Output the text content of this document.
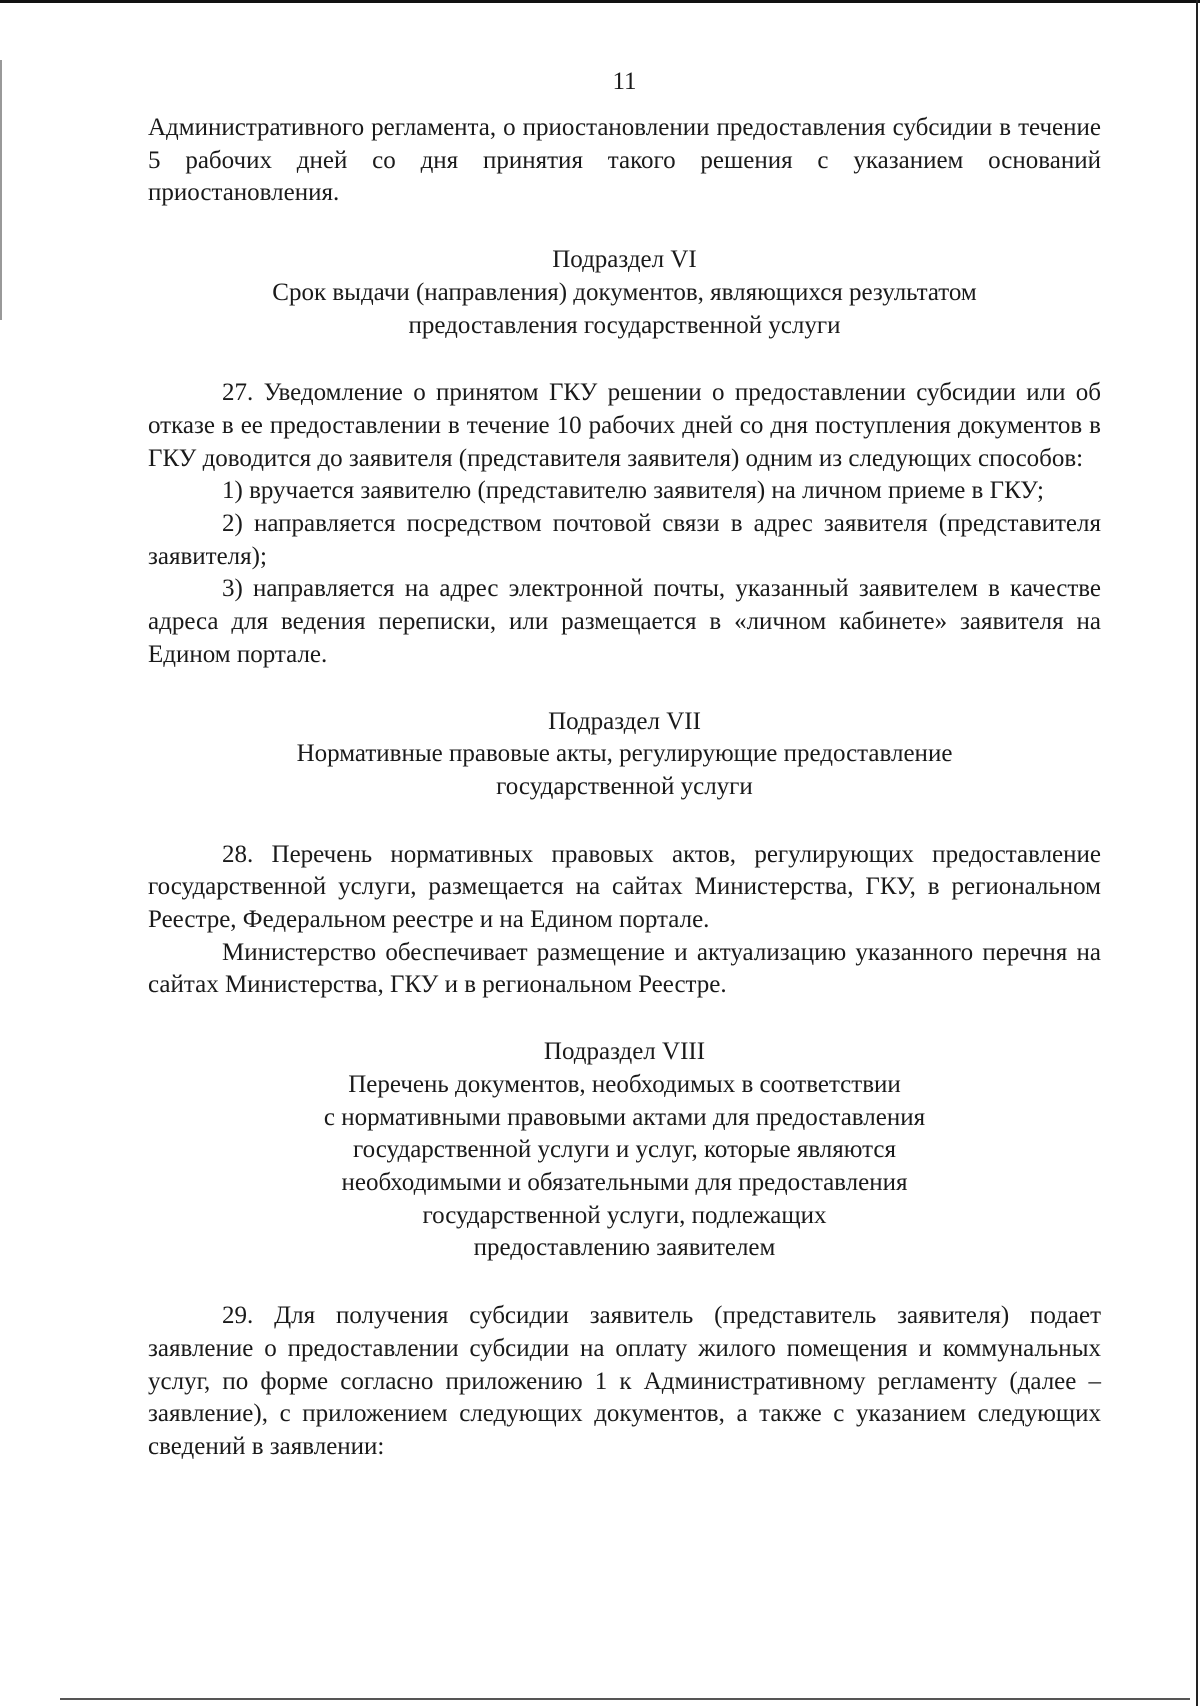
11

Административного регламента, о приостановлении предоставления субсидии в течение 5 рабочих дней со дня принятия такого решения с указанием оснований приостановления.

Подраздел VI
Срок выдачи (направления) документов, являющихся результатом
предоставления государственной услуги

27. Уведомление о принятом ГКУ решении о предоставлении субсидии или об отказе в ее предоставлении в течение 10 рабочих дней со дня поступления документов в ГКУ доводится до заявителя (представителя заявителя) одним из следующих способов:

1) вручается заявителю (представителю заявителя) на личном приеме в ГКУ;

2) направляется посредством почтовой связи в адрес заявителя (представителя заявителя);

3) направляется на адрес электронной почты, указанный заявителем в качестве адреса для ведения переписки, или размещается в «личном кабинете» заявителя на Едином портале.

Подраздел VII
Нормативные правовые акты, регулирующие предоставление
государственной услуги

28. Перечень нормативных правовых актов, регулирующих предоставление государственной услуги, размещается на сайтах Министерства, ГКУ, в региональном Реестре, Федеральном реестре и на Едином портале.

Министерство обеспечивает размещение и актуализацию указанного перечня на сайтах Министерства, ГКУ и в региональном Реестре.

Подраздел VIII
Перечень документов, необходимых в соответствии
с нормативными правовыми актами для предоставления
государственной услуги и услуг, которые являются
необходимыми и обязательными для предоставления
государственной услуги, подлежащих
предоставлению заявителем

29. Для получения субсидии заявитель (представитель заявителя) подает заявление о предоставлении субсидии на оплату жилого помещения и коммунальных услуг, по форме согласно приложению 1 к Административному регламенту (далее – заявление), с приложением следующих документов, а также с указанием следующих сведений в заявлении:
